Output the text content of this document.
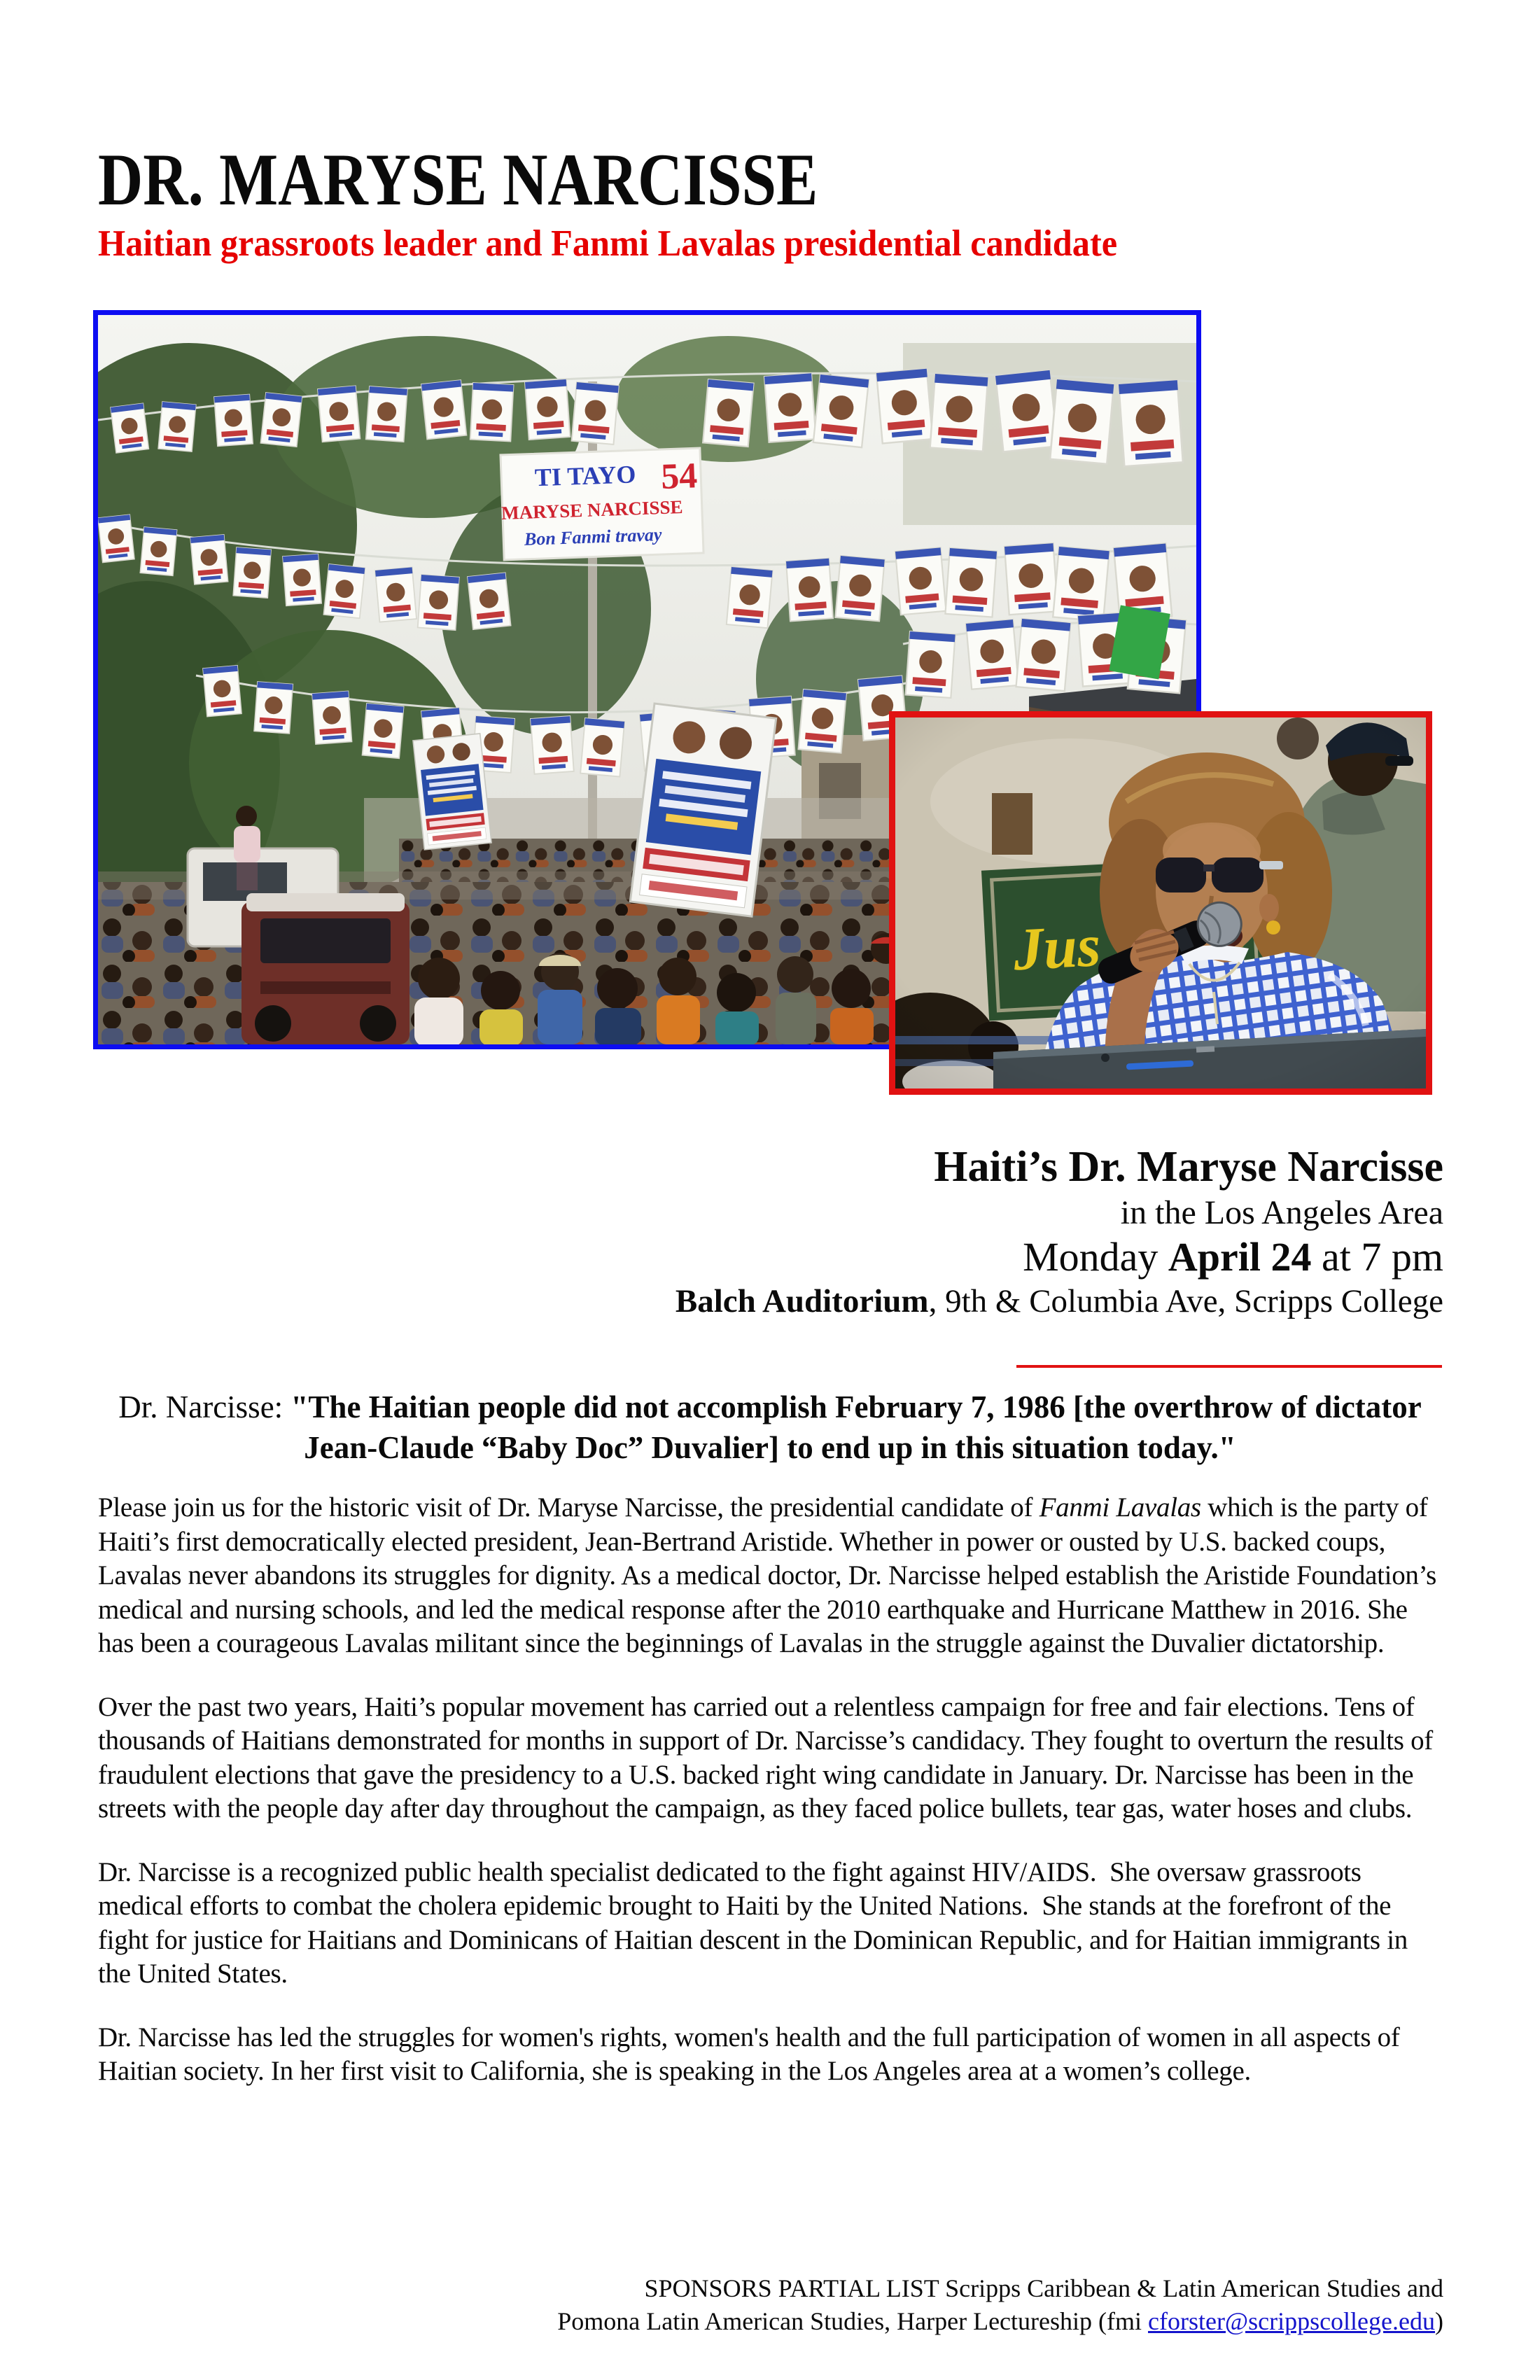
DR. MARYSE NARCISSE
Haitian grassroots leader and Fanmi Lavalas presidential candidate
TI TAYO 54
MARYSE NARCISSE
Bon Fanmi travay
Haiti’s Dr. Maryse Narcisse
in the Los Angeles Area
Monday April 24 at 7 pm
Balch Auditorium, 9th & Columbia Ave, Scripps College

Dr. Narcisse: "The Haitian people did not accomplish February 7, 1986 [the overthrow of dictator Jean-Claude “Baby Doc” Duvalier] to end up in this situation today."

Please join us for the historic visit of Dr. Maryse Narcisse, the presidential candidate of Fanmi Lavalas which is the party of Haiti’s first democratically elected president, Jean-Bertrand Aristide. Whether in power or ousted by U.S. backed coups, Lavalas never abandons its struggles for dignity. As a medical doctor, Dr. Narcisse helped establish the Aristide Foundation’s medical and nursing schools, and led the medical response after the 2010 earthquake and Hurricane Matthew in 2016. She has been a courageous Lavalas militant since the beginnings of Lavalas in the struggle against the Duvalier dictatorship.

Over the past two years, Haiti’s popular movement has carried out a relentless campaign for free and fair elections. Tens of thousands of Haitians demonstrated for months in support of Dr. Narcisse’s candidacy. They fought to overturn the results of fraudulent elections that gave the presidency to a U.S. backed right wing candidate in January. Dr. Narcisse has been in the streets with the people day after day throughout the campaign, as they faced police bullets, tear gas, water hoses and clubs.

Dr. Narcisse is a recognized public health specialist dedicated to the fight against HIV/AIDS.  She oversaw grassroots medical efforts to combat the cholera epidemic brought to Haiti by the United Nations.  She stands at the forefront of the fight for justice for Haitians and Dominicans of Haitian descent in the Dominican Republic, and for Haitian immigrants in the United States.

Dr. Narcisse has led the struggles for women's rights, women's health and the full participation of women in all aspects of Haitian society. In her first visit to California, she is speaking in the Los Angeles area at a women’s college.

SPONSORS PARTIAL LIST Scripps Caribbean & Latin American Studies and
Pomona Latin American Studies, Harper Lectureship (fmi cforster@scrippscollege.edu)
